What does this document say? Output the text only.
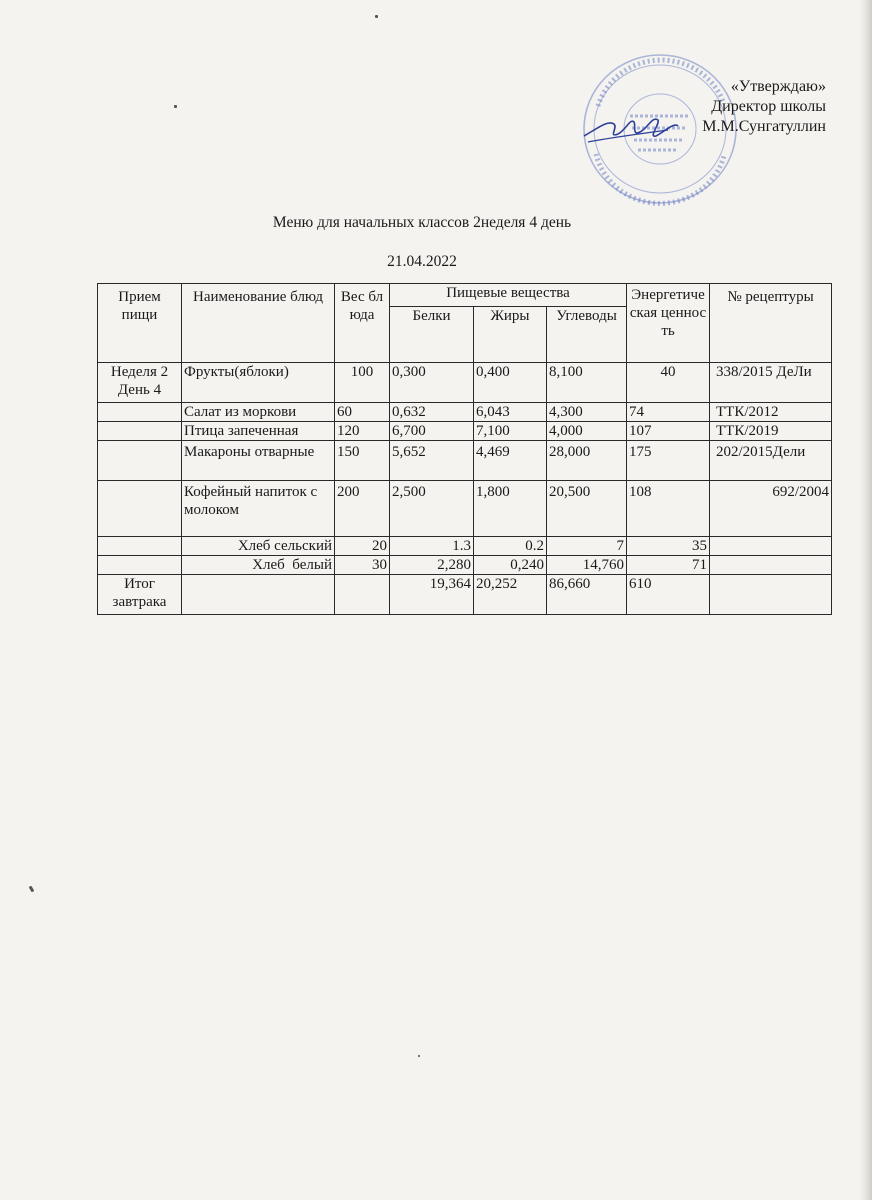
«Утверждаю»
Директор школы
М.М.Сунгатуллин
Меню для начальных классов 2неделя 4 день
21.04.2022
Прием пищи	Наименование блюд	Вес блюда	Пищевые вещества			Энергетическая ценность	№ рецептуры
			Белки	Жиры	Углеводы		
Неделя 2 День 4	Фрукты(яблоки)	100	0,300	0,400	8,100	40	338/2015 ДеЛи
	Салат из моркови	60	0,632	6,043	4,300	74	ТТК/2012
	Птица запеченная	120	6,700	7,100	4,000	107	ТТК/2019
	Макароны отварные	150	5,652	4,469	28,000	175	202/2015Дели
	Кофейный напиток с молоком	200	2,500	1,800	20,500	108	692/2004
	Хлеб сельский	20	1.3	0.2	7	35	
	Хлеб  белый	30	2,280	0,240	14,760	71	
Итог завтрака			19,364	20,252	86,660	610	
